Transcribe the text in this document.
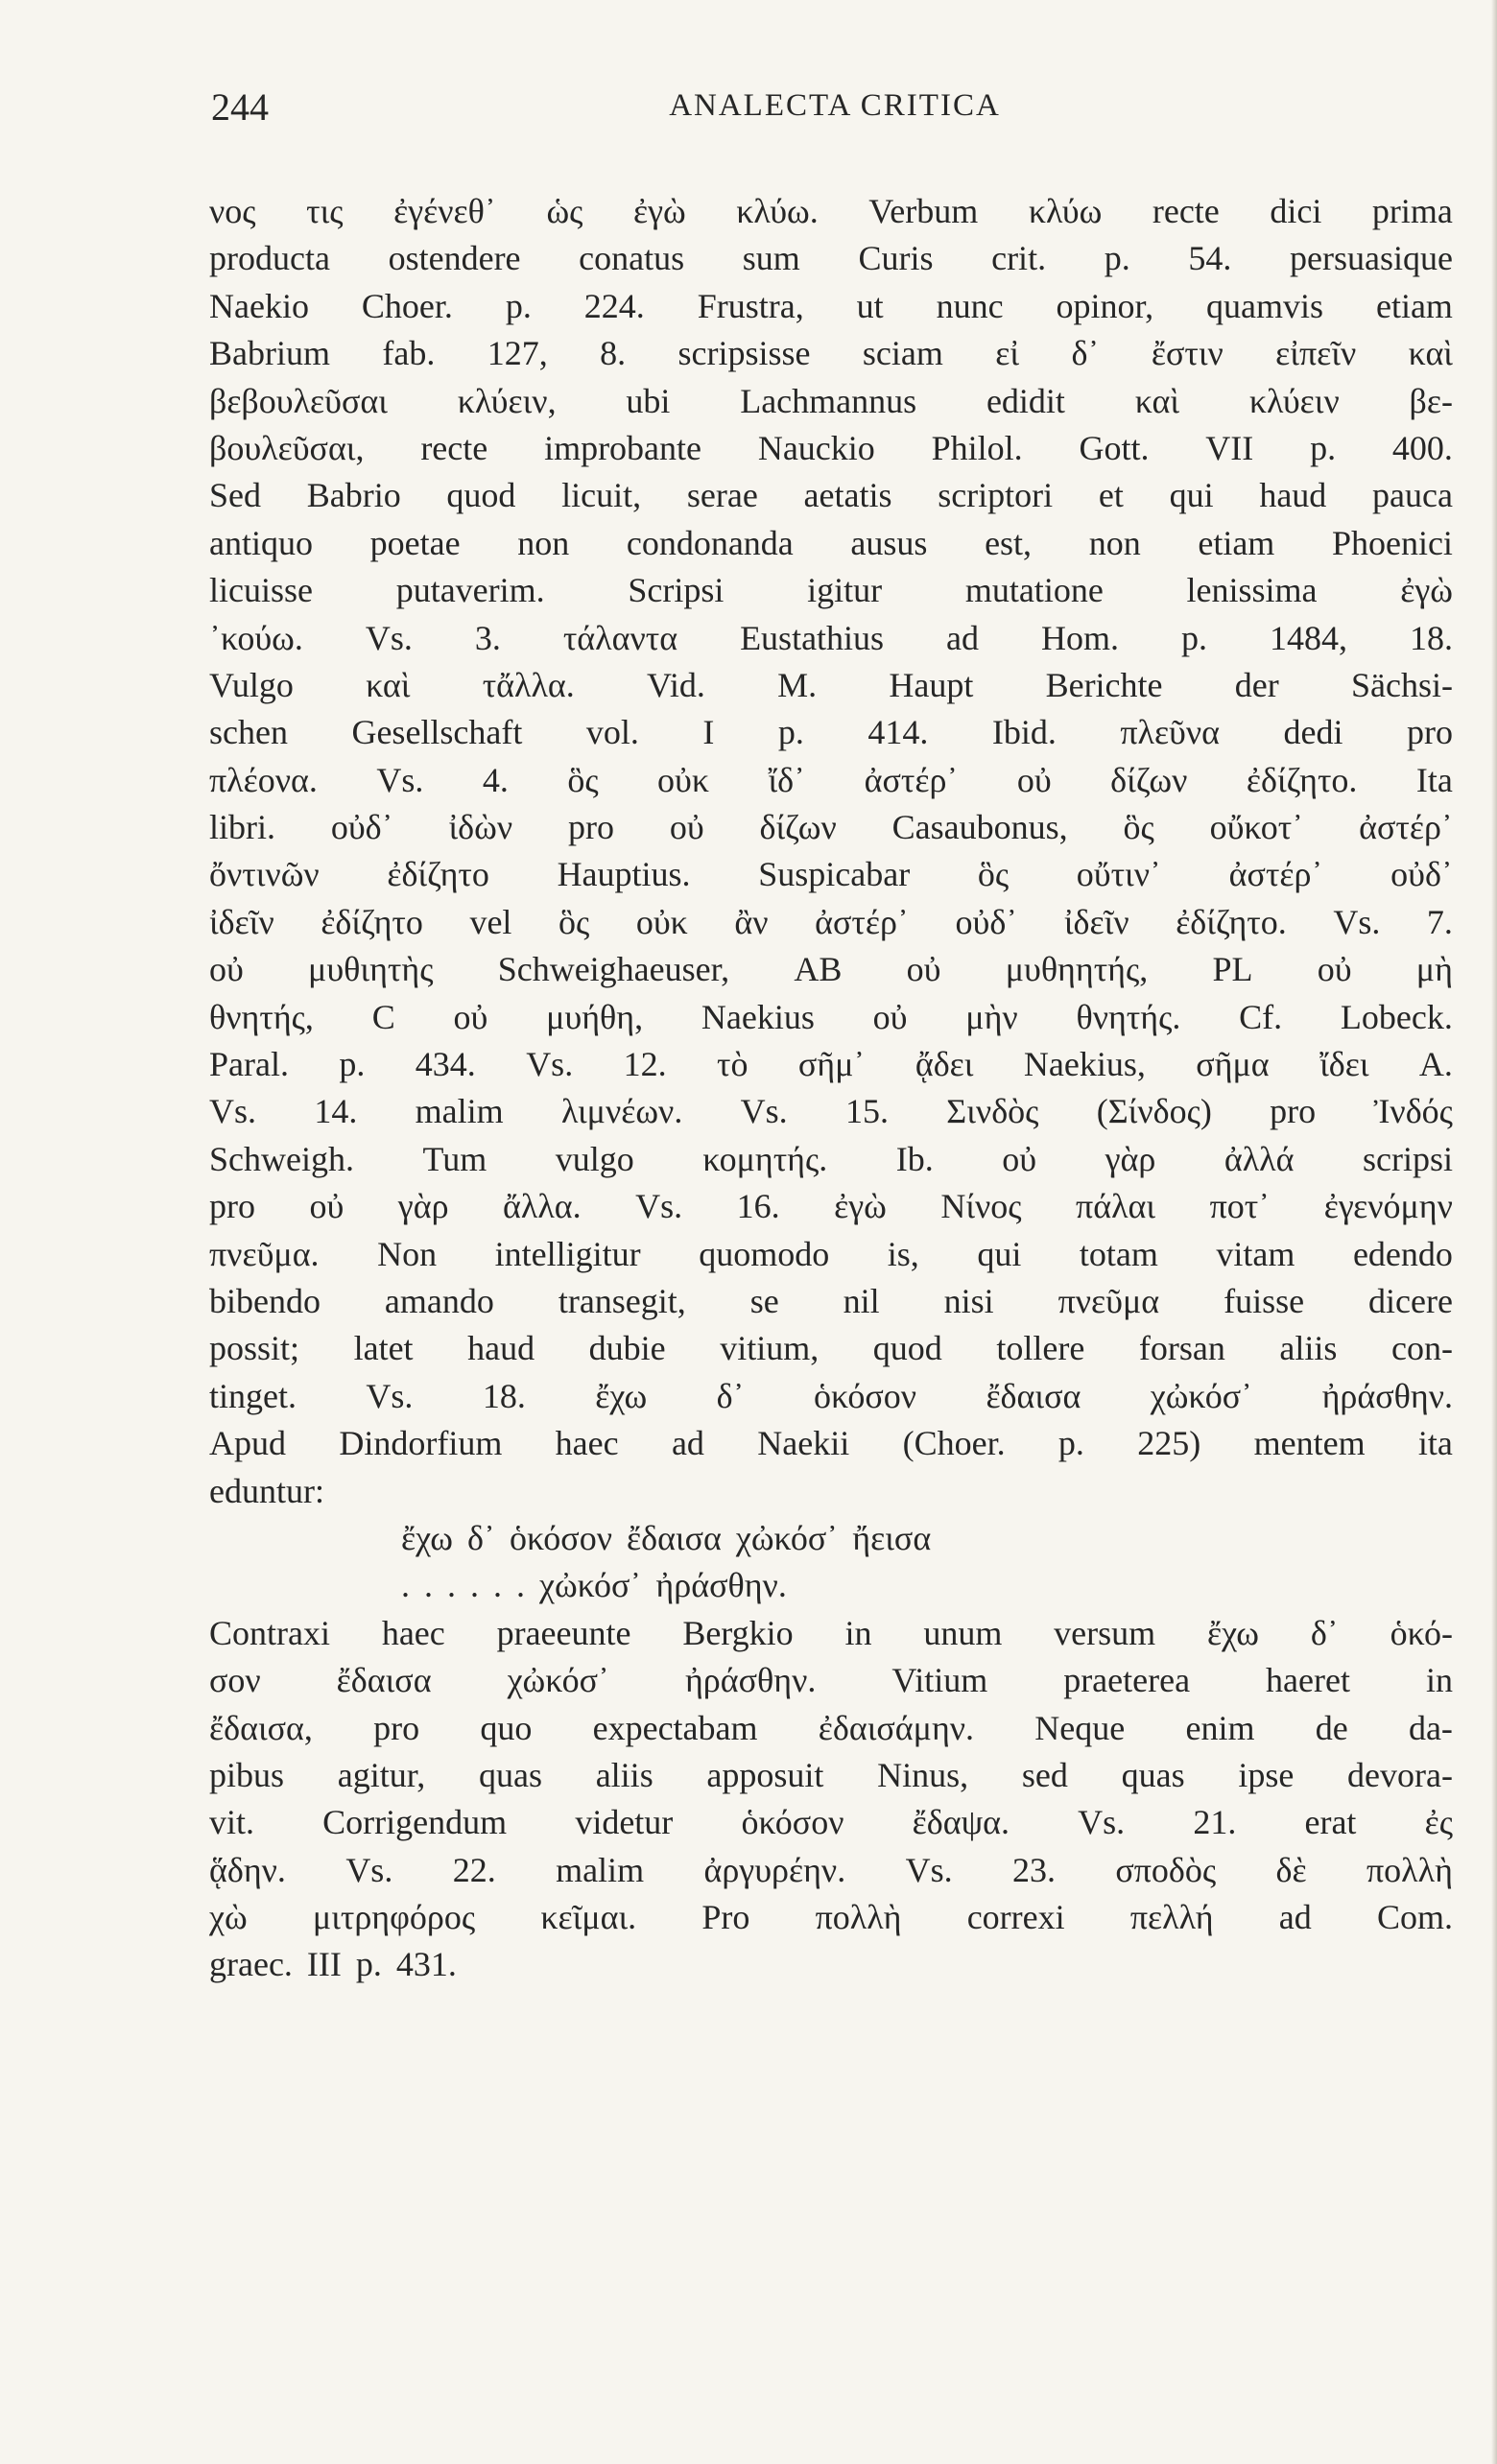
244	ANALECTA CRITICA
νος τις ἐγένεθ᾽ ὡς ἐγὼ κλύω. Verbum κλύω recte dici prima
producta ostendere conatus sum Curis crit. p. 54. persuasique
Naekio Choer. p. 224. Frustra, ut nunc opinor, quamvis etiam
Babrium fab. 127, 8. scripsisse sciam εἰ δ᾽ ἔστιν εἰπεῖν καὶ
βεβουλεῦσαι κλύειν, ubi Lachmannus edidit καὶ κλύειν βε-
βουλεῦσαι, recte improbante Nauckio Philol. Gott. VII p. 400.
Sed Babrio quod licuit, serae aetatis scriptori et qui haud pauca
antiquo poetae non condonanda ausus est, non etiam Phoenici
licuisse putaverim. Scripsi igitur mutatione lenissima ἐγὼ
᾽κούω. Vs. 3. τάλαντα Eustathius ad Hom. p. 1484, 18.
Vulgo καὶ τἄλλα. Vid. M. Haupt Berichte der Sächsi-
schen Gesellschaft vol. I p. 414. Ibid. πλεῦνα dedi pro
πλέονα. Vs. 4. ὃς οὐκ ἴδ᾽ ἀστέρ᾽ οὐ δίζων ἐδίζητο. Ita
libri. οὐδ᾽ ἰδὼν pro οὐ δίζων Casaubonus, ὃς οὔκοτ᾽ ἀστέρ᾽
ὄντινῶν ἐδίζητο Hauptius. Suspicabar ὃς οὔτιν᾽ ἀστέρ᾽ οὐδ᾽
ἰδεῖν ἐδίζητο vel ὃς οὐκ ἂν ἀστέρ᾽ οὐδ᾽ ἰδεῖν ἐδίζητο. Vs. 7.
οὐ μυθιητὴς Schweighaeuser, AB οὐ μυθηητής, PL οὐ μὴ
θνητής, C οὐ μυήθη, Naekius οὐ μὴν θνητής. Cf. Lobeck.
Paral. p. 434. Vs. 12. τὸ σῆμ᾽ ᾄδει Naekius, σῆμα ἴδει A.
Vs. 14. malim λιμνέων. Vs. 15. Σινδὸς (Σίνδος) pro Ἰνδός
Schweigh. Tum vulgo κομητής. Ib. οὐ γὰρ ἀλλά scripsi
pro οὐ γὰρ ἄλλα. Vs. 16. ἐγὼ Νίνος πάλαι ποτ᾽ ἐγενόμην
πνεῦμα. Non intelligitur quomodo is, qui totam vitam edendo
bibendo amando transegit, se nil nisi πνεῦμα fuisse dicere
possit; latet haud dubie vitium, quod tollere forsan aliis con-
tinget. Vs. 18. ἔχω δ᾽ ὁκόσον ἔδαισα χὠκόσ᾽ ἠράσθην.
Apud Dindorfium haec ad Naekii (Choer. p. 225) mentem ita
eduntur:
ἔχω δ᾽ ὁκόσον ἔδαισα χὠκόσ᾽ ἤεισα
. . . . . . χὠκόσ᾽ ἠράσθην.
Contraxi haec praeeunte Bergkio in unum versum ἔχω δ᾽ ὁκό-
σον ἔδαισα χὠκόσ᾽ ἠράσθην. Vitium praeterea haeret in
ἔδαισα, pro quo expectabam ἐδαισάμην. Neque enim de da-
pibus agitur, quas aliis apposuit Ninus, sed quas ipse devora-
vit. Corrigendum videtur ὁκόσον ἔδαψα. Vs. 21. erat ἐς
ᾅδην. Vs. 22. malim ἀργυρέην. Vs. 23. σποδὸς δὲ πολλὴ
χὼ μιτρηφόρος κεῖμαι. Pro πολλὴ correxi πελλή ad Com.
graec. III p. 431.
